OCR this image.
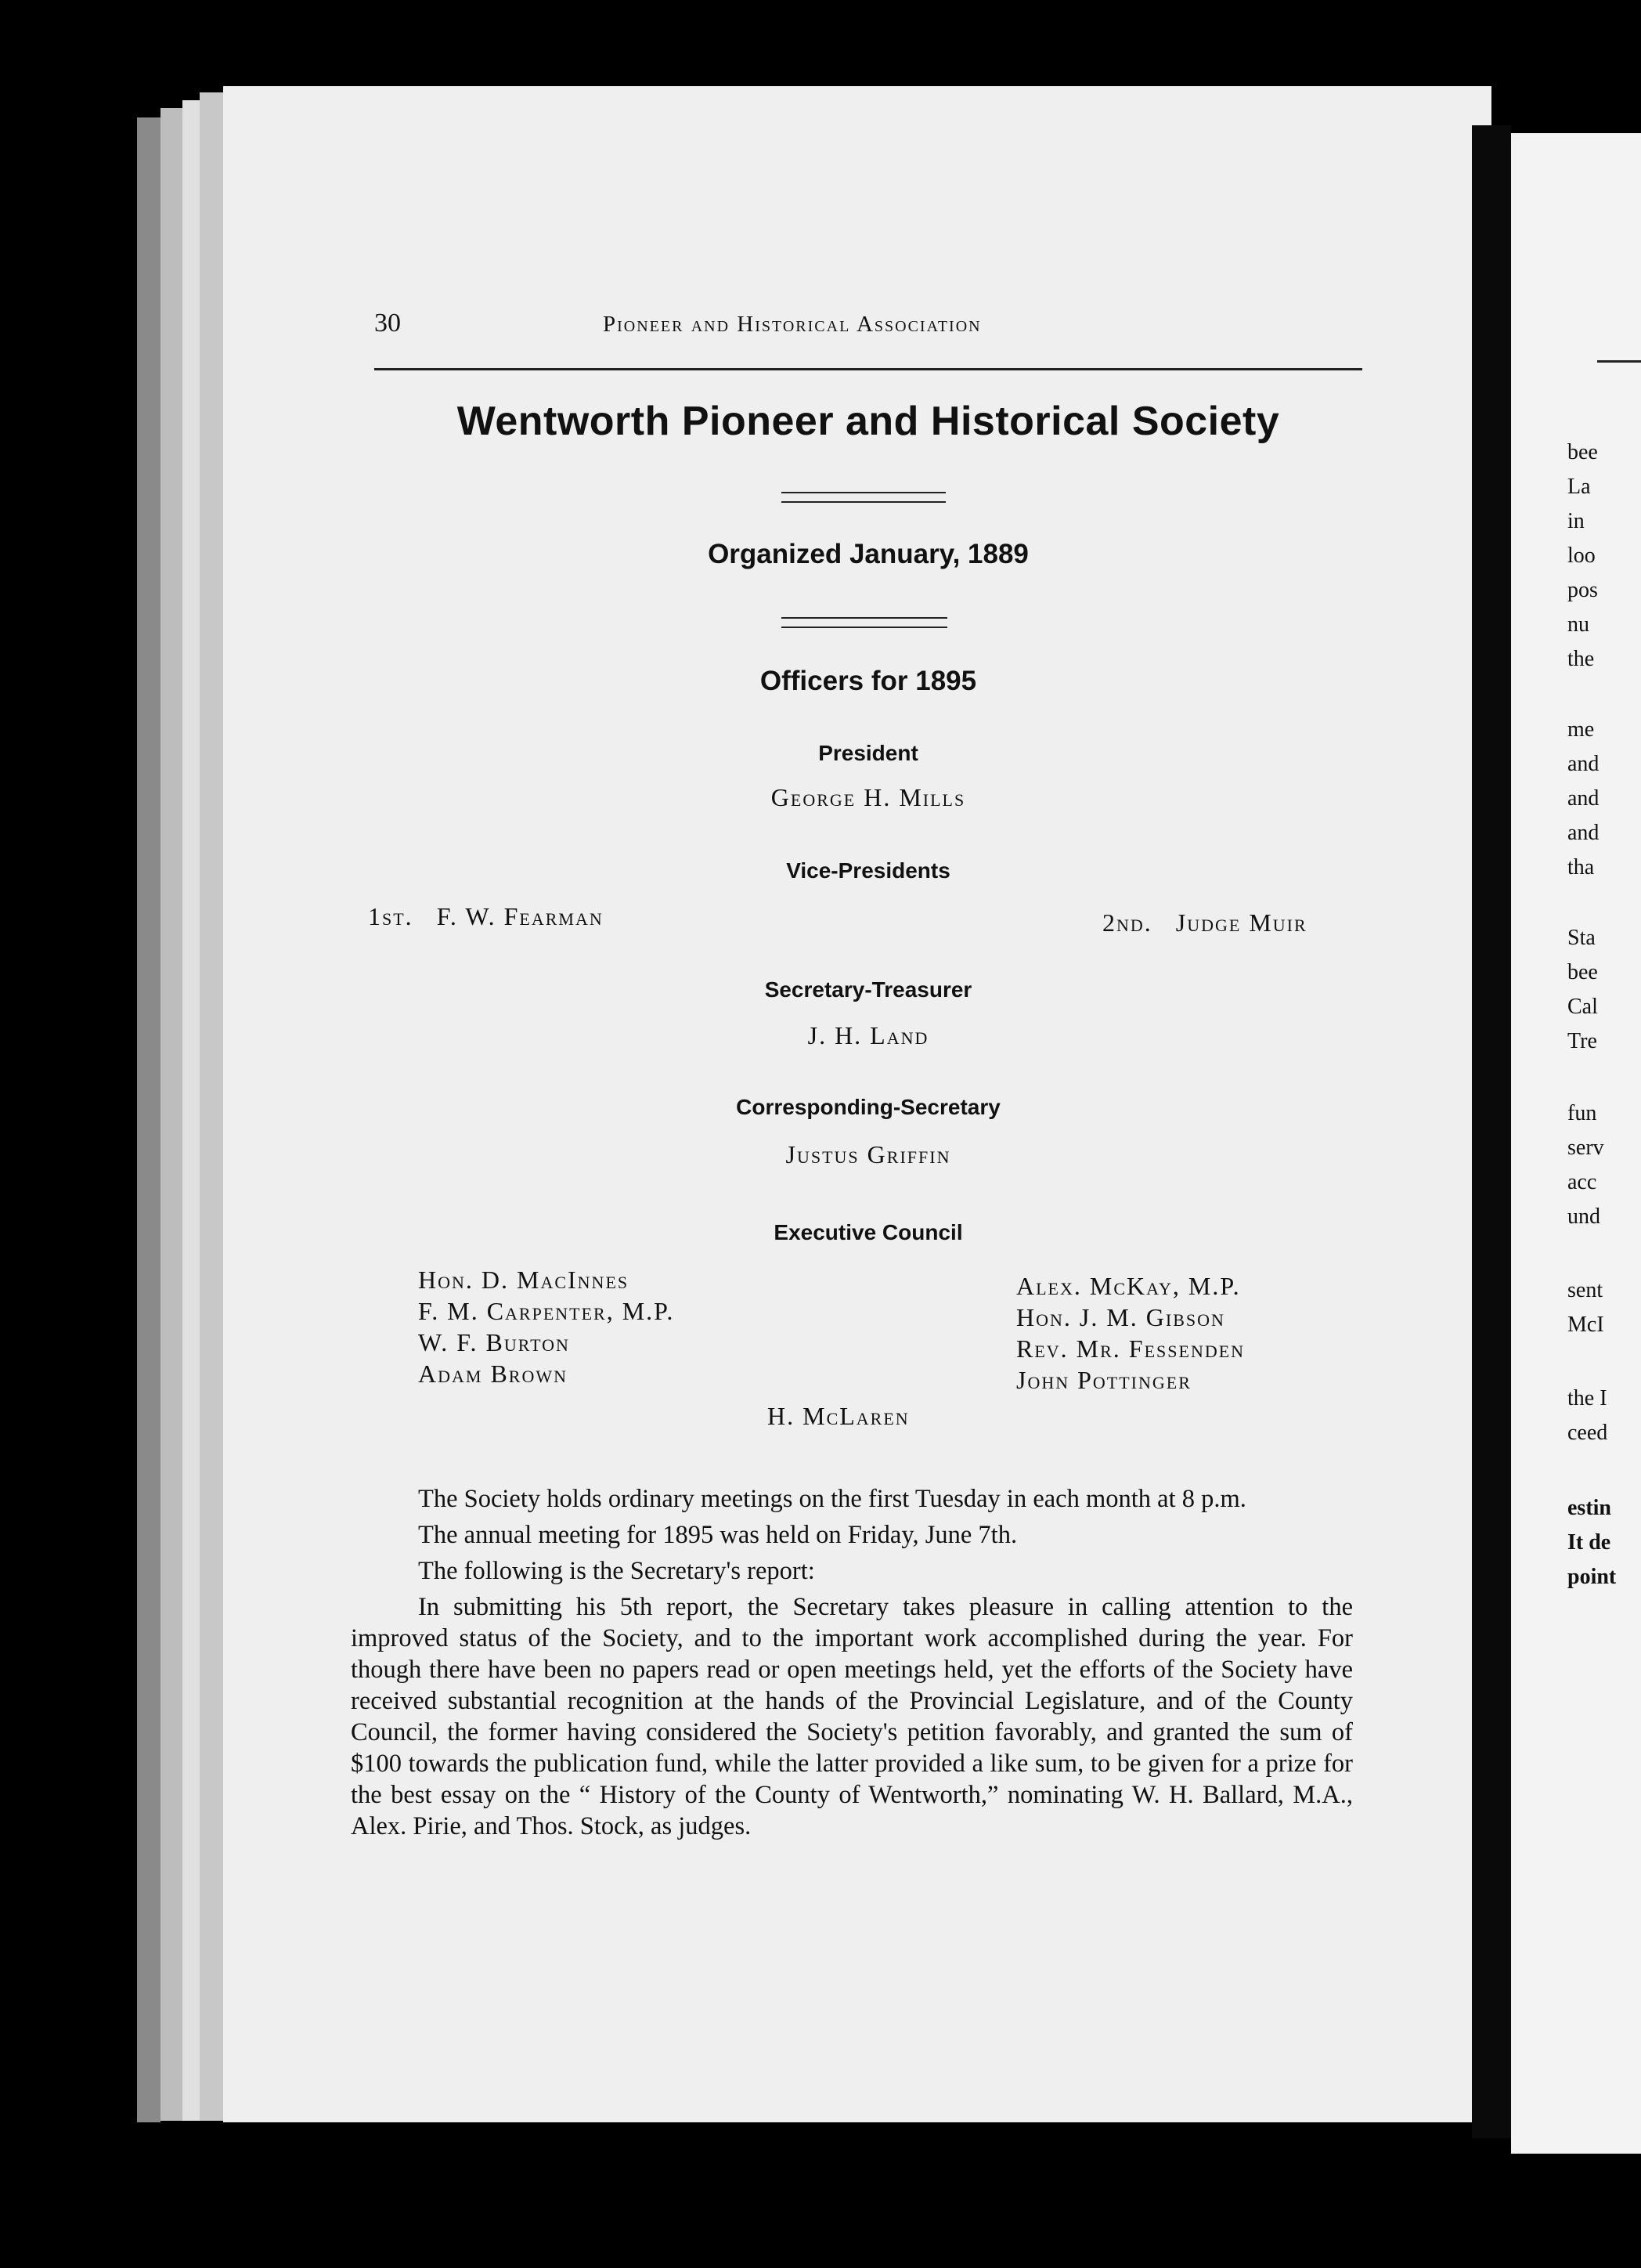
bee
La
in
loo
pos
nu
the
me
and
and
and
tha
Sta
bee
Cal
Tre
fun
serv
acc
und
sent
McI
the I
ceed
estin
It de
point
30	Pioneer and Historical Association
Wentworth Pioneer and Historical Society
Organized January, 1889
Officers for 1895
President
George H. Mills
Vice-Presidents
1st. F. W. Fearman	2nd. Judge Muir
Secretary-Treasurer
J. H. Land
Corresponding-Secretary
Justus Griffin
Executive Council
Hon. D. MacInnes
F. M. Carpenter, M.P.
W. F. Burton
Adam Brown
Alex. McKay, M.P.
Hon. J. M. Gibson
Rev. Mr. Fessenden
John Pottinger
H. McLaren

The Society holds ordinary meetings on the first Tuesday in each month at 8 p.m.

The annual meeting for 1895 was held on Friday, June 7th.

The following is the Secretary's report:

In submitting his 5th report, the Secretary takes pleasure in calling attention to the improved status of the Society, and to the important work accomplished during the year. For though there have been no papers read or open meetings held, yet the efforts of the Society have received substantial recognition at the hands of the Provincial Legislature, and of the County Council, the former having considered the Society's petition favorably, and granted the sum of $100 towards the publication fund, while the latter provided a like sum, to be given for a prize for the best essay on the “ History of the County of Wentworth,” nominating W. H. Ballard, M.A., Alex. Pirie, and Thos. Stock, as judges.
